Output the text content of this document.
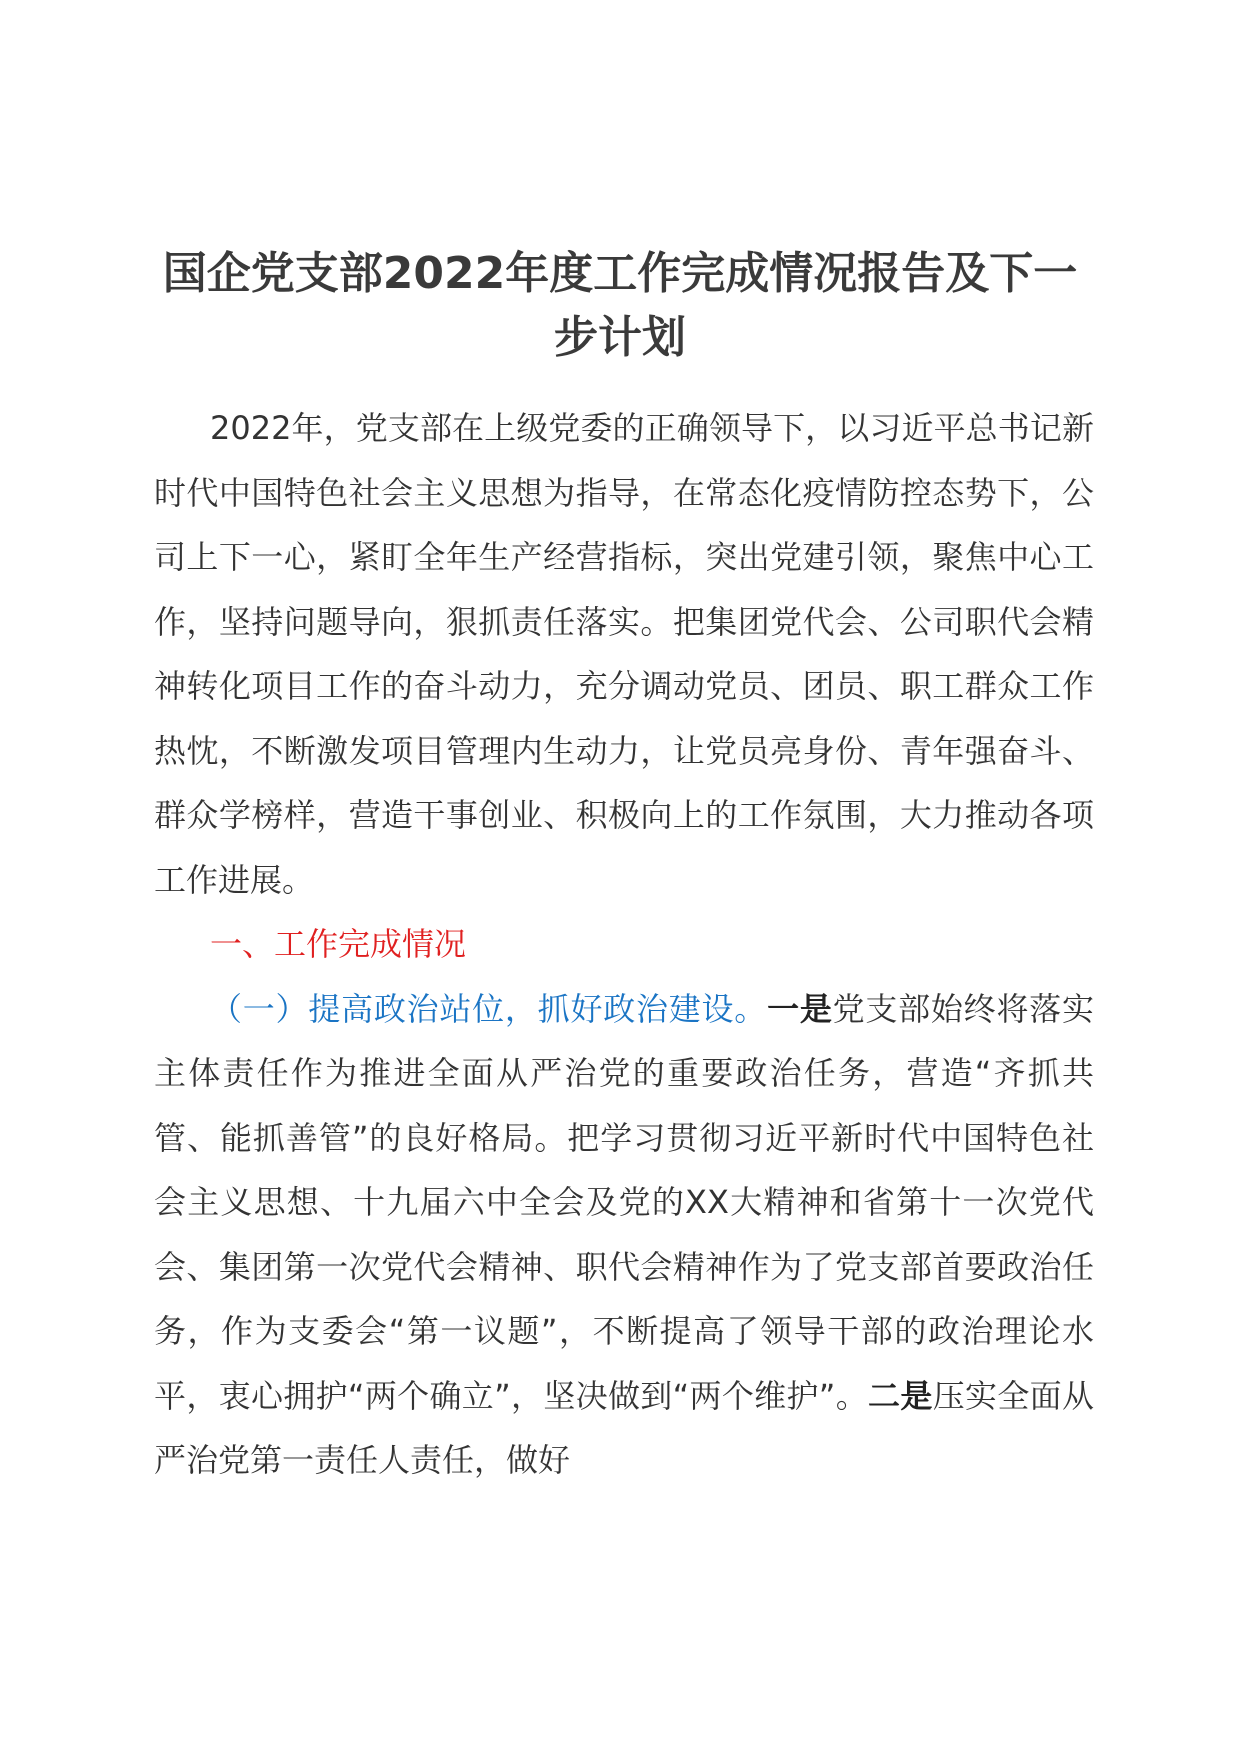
国企党支部2022年度工作完成情况报告及下一步计划

2022年，党支部在上级党委的正确领导下，以习近平总书记新时代中国特色社会主义思想为指导，在常态化疫情防控态势下，公司上下一心，紧盯全年生产经营指标，突出党建引领，聚焦中心工作，坚持问题导向，狠抓责任落实。把集团党代会、公司职代会精神转化项目工作的奋斗动力，充分调动党员、团员、职工群众工作热忱，不断激发项目管理内生动力，让党员亮身份、青年强奋斗、群众学榜样，营造干事创业、积极向上的工作氛围，大力推动各项工作进展。

一、工作完成情况

（一）提高政治站位，抓好政治建设。一是党支部始终将落实主体责任作为推进全面从严治党的重要政治任务，营造“齐抓共管、能抓善管”的良好格局。把学习贯彻习近平新时代中国特色社会主义思想、十九届六中全会及党的XX大精神和省第十一次党代会、集团第一次党代会精神、职代会精神作为了党支部首要政治任务，作为支委会“第一议题”，不断提高了领导干部的政治理论水平，衷心拥护“两个确立”，坚决做到“两个维护”。二是压实全面从严治党第一责任人责任，做好
